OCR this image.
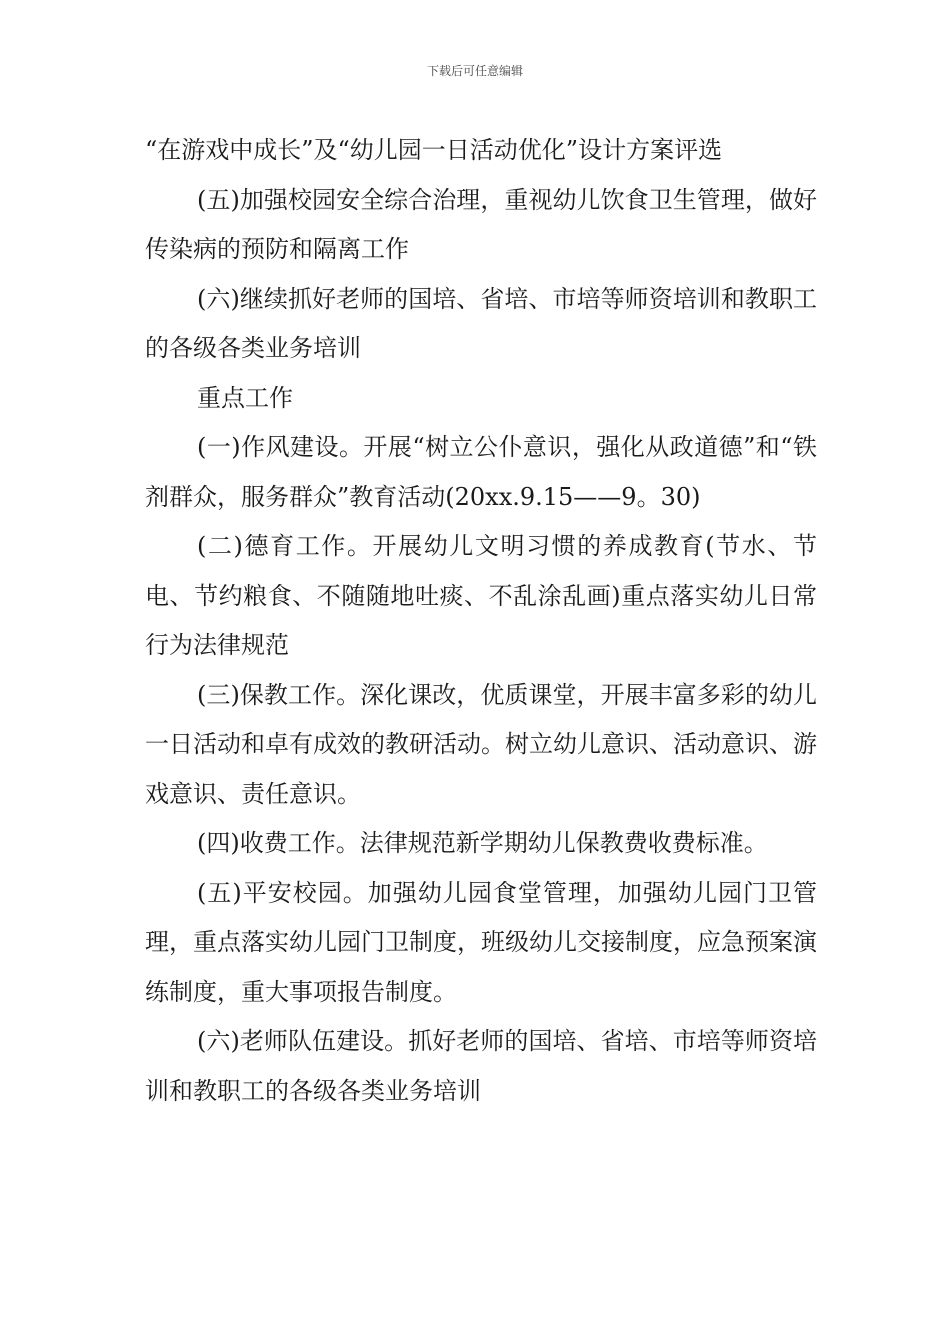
下载后可任意编辑

“在游戏中成长”及“幼儿园一日活动优化”设计方案评选

(五)加强校园安全综合治理，重视幼儿饮食卫生管理，做好传染病的预防和隔离工作

(六)继续抓好老师的国培、省培、市培等师资培训和教职工的各级各类业务培训

重点工作

(一)作风建设。开展“树立公仆意识，强化从政道德”和“铁剂群众，服务群众”教育活动(20xx.9.15——9。30)

(二)德育工作。开展幼儿文明习惯的养成教育(节水、节电、节约粮食、不随随地吐痰、不乱涂乱画)重点落实幼儿日常行为法律规范

(三)保教工作。深化课改，优质课堂，开展丰富多彩的幼儿一日活动和卓有成效的教研活动。树立幼儿意识、活动意识、游戏意识、责任意识。

(四)收费工作。法律规范新学期幼儿保教费收费标准。

(五)平安校园。加强幼儿园食堂管理，加强幼儿园门卫管理，重点落实幼儿园门卫制度，班级幼儿交接制度，应急预案演练制度，重大事项报告制度。

(六)老师队伍建设。抓好老师的国培、省培、市培等师资培训和教职工的各级各类业务培训
